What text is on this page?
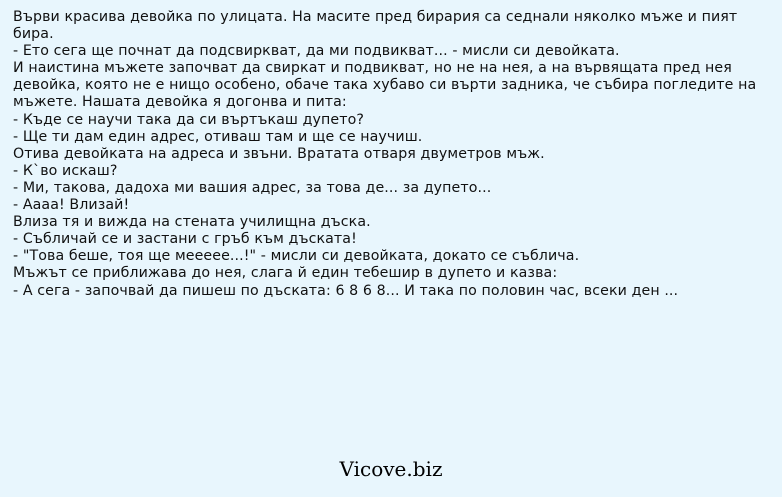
Върви красива девойка по улицата. На масите пред бирария са седнали няколко мъже и пият бира.
- Ето сега ще почнат да подсвиркват, да ми подвикват... - мисли си девойката.
И наистина мъжете започват да свиркат и подвикват, но не на нея, а на вървящата пред нея девойка, която не е нищо особено, обаче така хубаво си върти задника, че събира погледите на мъжете. Нашата девойка я догонва и пита:
- Къде се научи така да си въртъкаш дупето?
- Ще ти дам един адрес, отиваш там и ще се научиш.
Отива девойката на адреса и звъни. Вратата отваря двуметров мъж.
- К`во искаш?
- Ми, такова, дадоха ми вашия адрес, за това де... за дупето...
- Аааа! Влизай!
Влиза тя и вижда на стената училищна дъска.
- Събличай се и застани с гръб към дъската!
- "Това беше, тоя ще мееееe...!" - мисли си девойката, докато се съблича.
Мъжът се приближава до нея, слага й един тебешир в дупето и казва:
- А сега - започвай да пишеш по дъската: 6 8 6 8... И така по половин час, всеки ден ...
Vicove.biz
